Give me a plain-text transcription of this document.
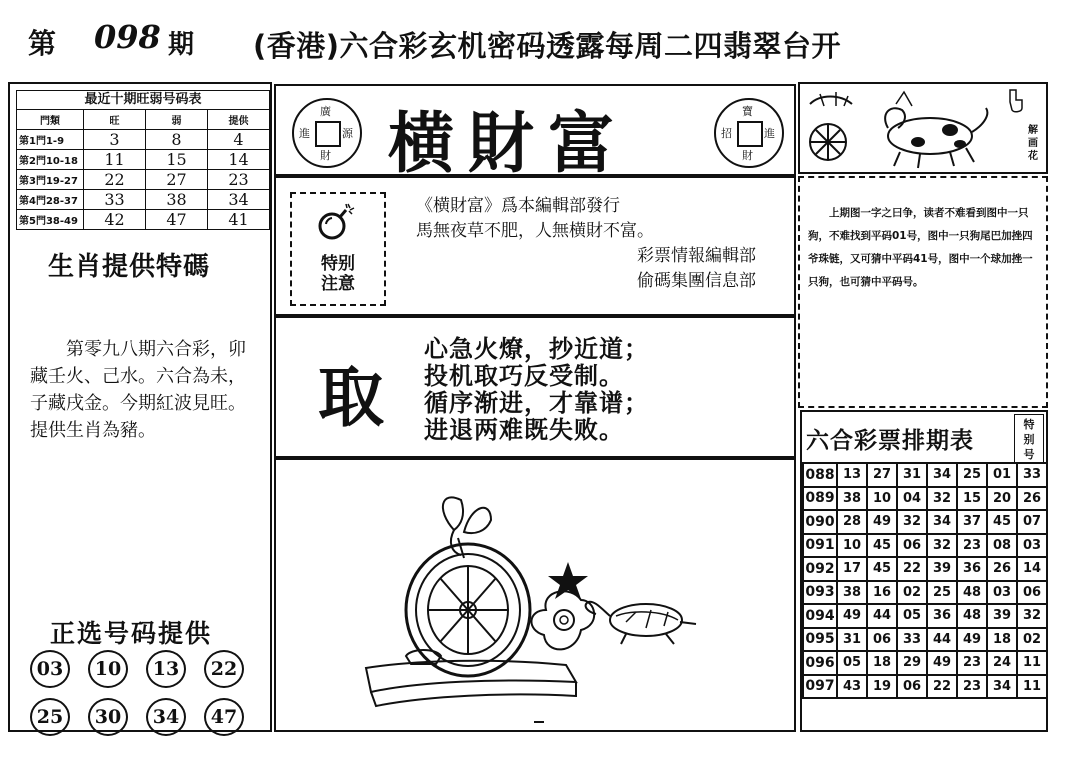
第 098 期 (香港)六合彩玄机密码透露每周二四翡翠台开
最近十期旺弱号码表
門類	旺	弱	提供
第1門1-9	3	8	4
第2門10-18	11	15	14
第3門19-27	22	27	23
第4門28-37	33	38	34
第5門38-49	42	47	41
生肖提供特碼
第零九八期六合彩，卯藏壬火、己水。六合為未，子藏戌金。今期紅波見旺。提供生肖為豬。
正选号码提供
03	10	13	22
25	30	34	47
廣
進	源
財 横財富	寶
招	進
財
特别
注意
《横財富》爲本編輯部發行
馬無夜草不肥，人無横財不富。
彩票情報編輯部
偷碼集團信息部
取
心急火燎，抄近道；
投机取巧反受制。
循序渐进，才靠谱；
进退两难既失败。
解画花
上期图一字之曰争，读者不难看到图中一只狗，不难找到平码01号，图中一只狗尾巴加挫四爷珠链，又可猜中平码41号，图中一个球加挫一只狗，也可猜中平码号。
六合彩票排期表
特
别
号
088	13	27	31	34	25	01	33
089	38	10	04	32	15	20	26
090	28	49	32	34	37	45	07
091	10	45	06	32	23	08	03
092	17	45	22	39	36	26	14
093	38	16	02	25	48	03	06
094	49	44	05	36	48	39	32
095	31	06	33	44	49	18	02
096	05	18	29	49	23	24	11
097	43	19	06	22	23	34	11
